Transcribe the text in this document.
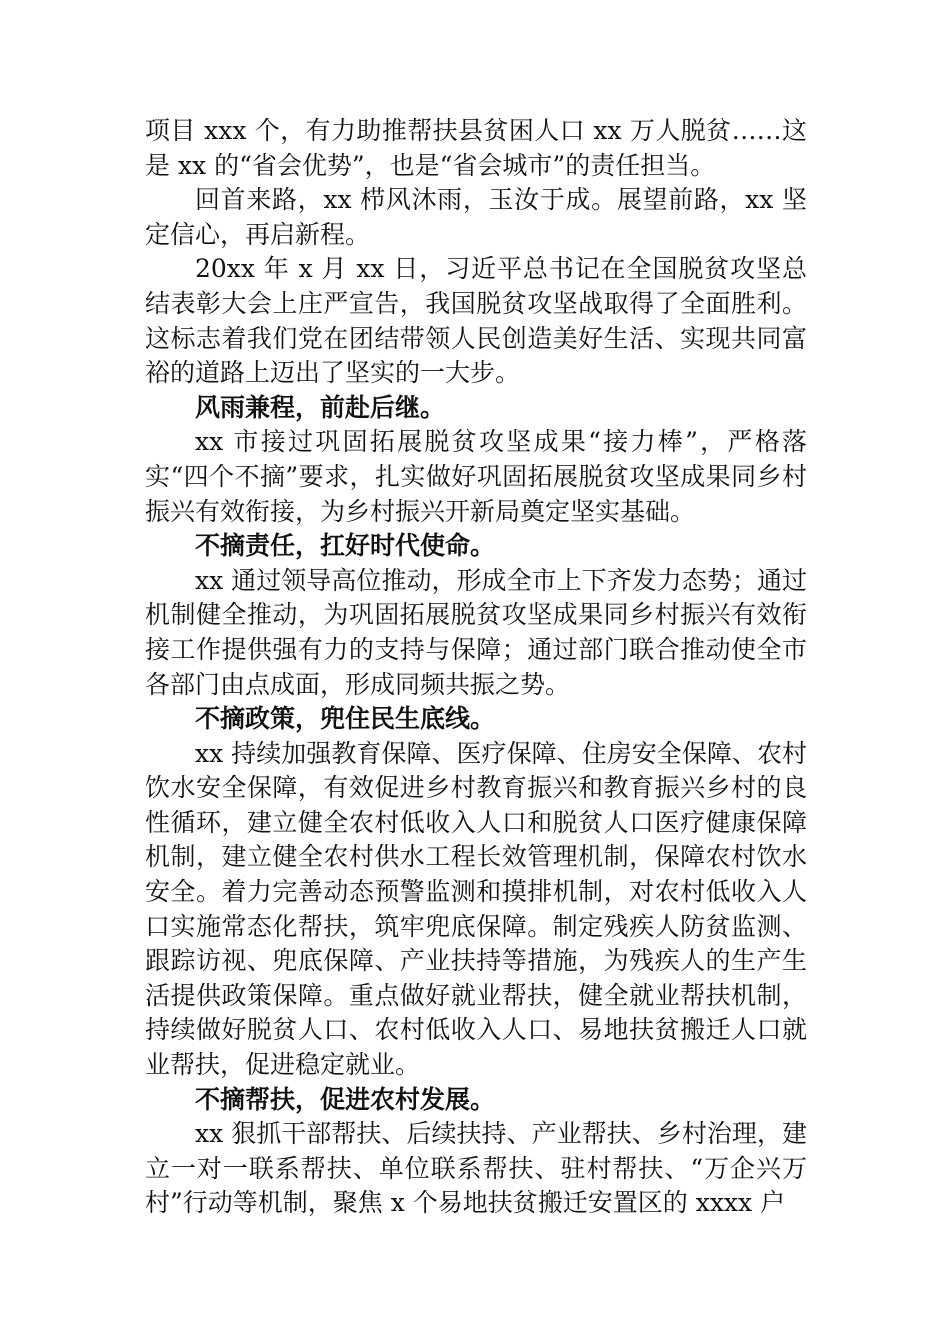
项目 xxx 个，有力助推帮扶县贫困人口 xx 万人脱贫……这是 xx 的“省会优势”，也是“省会城市”的责任担当。

回首来路，xx 栉风沐雨，玉汝于成。展望前路，xx 坚定信心，再启新程。

20xx 年 x 月 xx 日，习近平总书记在全国脱贫攻坚总结表彰大会上庄严宣告，我国脱贫攻坚战取得了全面胜利。这标志着我们党在团结带领人民创造美好生活、实现共同富裕的道路上迈出了坚实的一大步。

风雨兼程，前赴后继。

xx 市接过巩固拓展脱贫攻坚成果“接力棒”，严格落实“四个不摘”要求，扎实做好巩固拓展脱贫攻坚成果同乡村振兴有效衔接，为乡村振兴开新局奠定坚实基础。

不摘责任，扛好时代使命。

xx 通过领导高位推动，形成全市上下齐发力态势；通过机制健全推动，为巩固拓展脱贫攻坚成果同乡村振兴有效衔接工作提供强有力的支持与保障；通过部门联合推动使全市各部门由点成面，形成同频共振之势。

不摘政策，兜住民生底线。

xx 持续加强教育保障、医疗保障、住房安全保障、农村饮水安全保障，有效促进乡村教育振兴和教育振兴乡村的良性循环，建立健全农村低收入人口和脱贫人口医疗健康保障机制，建立健全农村供水工程长效管理机制，保障农村饮水安全。着力完善动态预警监测和摸排机制，对农村低收入人口实施常态化帮扶，筑牢兜底保障。制定残疾人防贫监测、跟踪访视、兜底保障、产业扶持等措施，为残疾人的生产生活提供政策保障。重点做好就业帮扶，健全就业帮扶机制，持续做好脱贫人口、农村低收入人口、易地扶贫搬迁人口就业帮扶，促进稳定就业。

不摘帮扶，促进农村发展。

xx 狠抓干部帮扶、后续扶持、产业帮扶、乡村治理，建立一对一联系帮扶、单位联系帮扶、驻村帮扶、“万企兴万村”行动等机制，聚焦 x 个易地扶贫搬迁安置区的 xxxx 户
